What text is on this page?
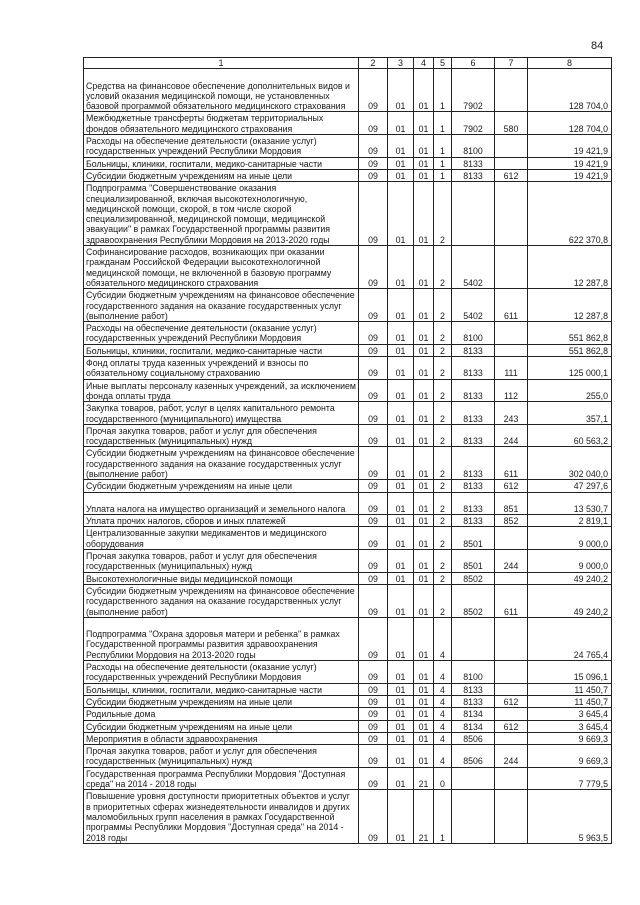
84
1	2	3	4	5	6	7	8
Средства на финансовое обеспечение дополнительных видов и условий оказания медицинской помощи, не установленных базовой программой обязательного медицинского страхования	09	01	01	1	7902		128 704,0
Межбюджетные трансферты бюджетам территориальных фондов обязательного медицинского страхования	09	01	01	1	7902	580	128 704,0
Расходы на обеспечение деятельности (оказание услуг) государственных учреждений Республики Мордовия	09	01	01	1	8100		19 421,9
Больницы, клиники, госпитали, медико-санитарные части	09	01	01	1	8133		19 421,9
Субсидии бюджетным учреждениям на иные цели	09	01	01	1	8133	612	19 421,9
Подпрограмма "Совершенствование оказания специализированной, включая высокотехнологичную, медицинской помощи, скорой, в том числе скорой специализированной, медицинской помощи, медицинской эвакуации" в рамках Государственной программы развития здравоохранения Республики Мордовия на 2013-2020 годы	09	01	01	2			622 370,8
Софинансирование расходов, возникающих при оказании гражданам Российской Федерации высокотехнологичной медицинской помощи, не включенной в базовую программу обязательного медицинского страхования	09	01	01	2	5402		12 287,8
Субсидии бюджетным учреждениям на финансовое обеспечение государственного задания на оказание государственных услуг (выполнение работ)	09	01	01	2	5402	611	12 287,8
Расходы на обеспечение деятельности (оказание услуг) государственных учреждений Республики Мордовия	09	01	01	2	8100		551 862,8
Больницы, клиники, госпитали, медико-санитарные части	09	01	01	2	8133		551 862,8
Фонд оплаты труда казенных учреждений и взносы по обязательному социальному страхованию	09	01	01	2	8133	111	125 000,1
Иные выплаты персоналу казенных учреждений, за исключением фонда оплаты труда	09	01	01	2	8133	112	255,0
Закупка товаров, работ, услуг в целях капитального ремонта государственного (муниципального) имущества	09	01	01	2	8133	243	357,1
Прочая закупка товаров, работ и услуг для обеспечения государственных (муниципальных) нужд	09	01	01	2	8133	244	60 563,2
Субсидии бюджетным учреждениям на финансовое обеспечение государственного задания на оказание государственных услуг (выполнение работ)	09	01	01	2	8133	611	302 040,0
Субсидии бюджетным учреждениям на иные цели	09	01	01	2	8133	612	47 297,6
Уплата налога на имущество организаций и земельного налога	09	01	01	2	8133	851	13 530,7
Уплата прочих налогов, сборов и иных платежей	09	01	01	2	8133	852	2 819,1
Централизованные закупки медикаментов и медицинского оборудования	09	01	01	2	8501		9 000,0
Прочая закупка товаров, работ и услуг для обеспечения государственных (муниципальных) нужд	09	01	01	2	8501	244	9 000,0
Высокотехнологичные виды медицинской помощи	09	01	01	2	8502		49 240,2
Субсидии бюджетным учреждениям на финансовое обеспечение государственного задания на оказание государственных услуг (выполнение работ)	09	01	01	2	8502	611	49 240,2
Подпрограмма "Охрана здоровья матери и ребенка" в рамках Государственной программы развития здравоохранения Республики Мордовия на 2013-2020 годы	09	01	01	4			24 765,4
Расходы на обеспечение деятельности (оказание услуг) государственных учреждений Республики Мордовия	09	01	01	4	8100		15 096,1
Больницы, клиники, госпитали, медико-санитарные части	09	01	01	4	8133		11 450,7
Субсидии бюджетным учреждениям на иные цели	09	01	01	4	8133	612	11 450,7
Родильные дома	09	01	01	4	8134		3 645,4
Субсидии бюджетным учреждениям на иные цели	09	01	01	4	8134	612	3 645,4
Мероприятия в области здравоохранения	09	01	01	4	8506		9 669,3
Прочая закупка товаров, работ и услуг для обеспечения государственных (муниципальных) нужд	09	01	01	4	8506	244	9 669,3
Государственная программа Республики Мордовия "Доступная среда" на 2014 - 2018 годы	09	01	21	0			7 779,5
Повышение уровня доступности приоритетных объектов и услуг в приоритетных сферах жизнедеятельности инвалидов и других маломобильных групп населения в рамках Государственной программы Республики Мордовия "Доступная среда" на 2014 - 2018 годы	09	01	21	1			5 963,5
